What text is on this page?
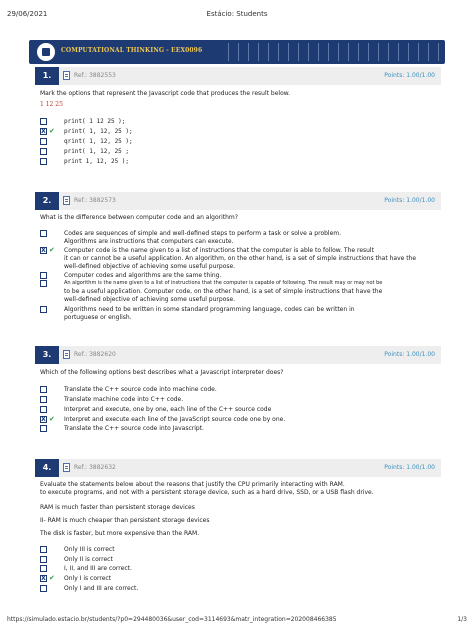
29/06/2021	Estácio: Students
COMPUTATIONAL THINKING - EEX0096
1.	Ref.: 3882553	Points: 1.00/1.00
Mark the options that represent the Javascript code that produces the result below.
1 12 25
print( 1 12 25 );
X ✔ print( 1, 12, 25 );
qrint( 1, 12, 25 );
print( 1, 12, 25 ;
print 1, 12, 25 );
2.	Ref.: 3882573	Points: 1.00/1.00
What is the difference between computer code and an algorithm?
Codes are sequences of simple and well-defined steps to perform a task or solve a problem.
Algorithms are instructions that computers can execute.
X ✔ Computer code is the name given to a list of instructions that the computer is able to follow. The result
it can or cannot be a useful application. An algorithm, on the other hand, is a set of simple instructions that have the
well-defined objective of achieving some useful purpose.
Computer codes and algorithms are the same thing.
An algorithm is the name given to a list of instructions that the computer is capable of following. The result may or may not be
to be a useful application. Computer code, on the other hand, is a set of simple instructions that have the
well-defined objective of achieving some useful purpose.
Algorithms need to be written in some standard programming language, codes can be written in
portuguese or english.
3.	Ref.: 3882620	Points: 1.00/1.00
Which of the following options best describes what a Javascript interpreter does?
Translate the C++ source code into machine code.
Translate machine code into C++ code.
Interpret and execute, one by one, each line of the C++ source code
X ✔ Interpret and execute each line of the JavaScript source code one by one.
Translate the C++ source code into Javascript.
4.	Ref.: 3882632	Points: 1.00/1.00
Evaluate the statements below about the reasons that justify the CPU primarily interacting with RAM.
to execute programs, and not with a persistent storage device, such as a hard drive, SSD, or a USB flash drive.
RAM is much faster than persistent storage devices
II- RAM is much cheaper than persistent storage devices
The disk is faster, but more expensive than the RAM.
Only III is correct
Only II is correct
I, II, and III are correct.
X ✔ Only I is correct
Only I and III are correct.
https://simulado.estacio.br/students/?p0=294480036&user_cod=3114693&matr_integration=202008466385	1/3
